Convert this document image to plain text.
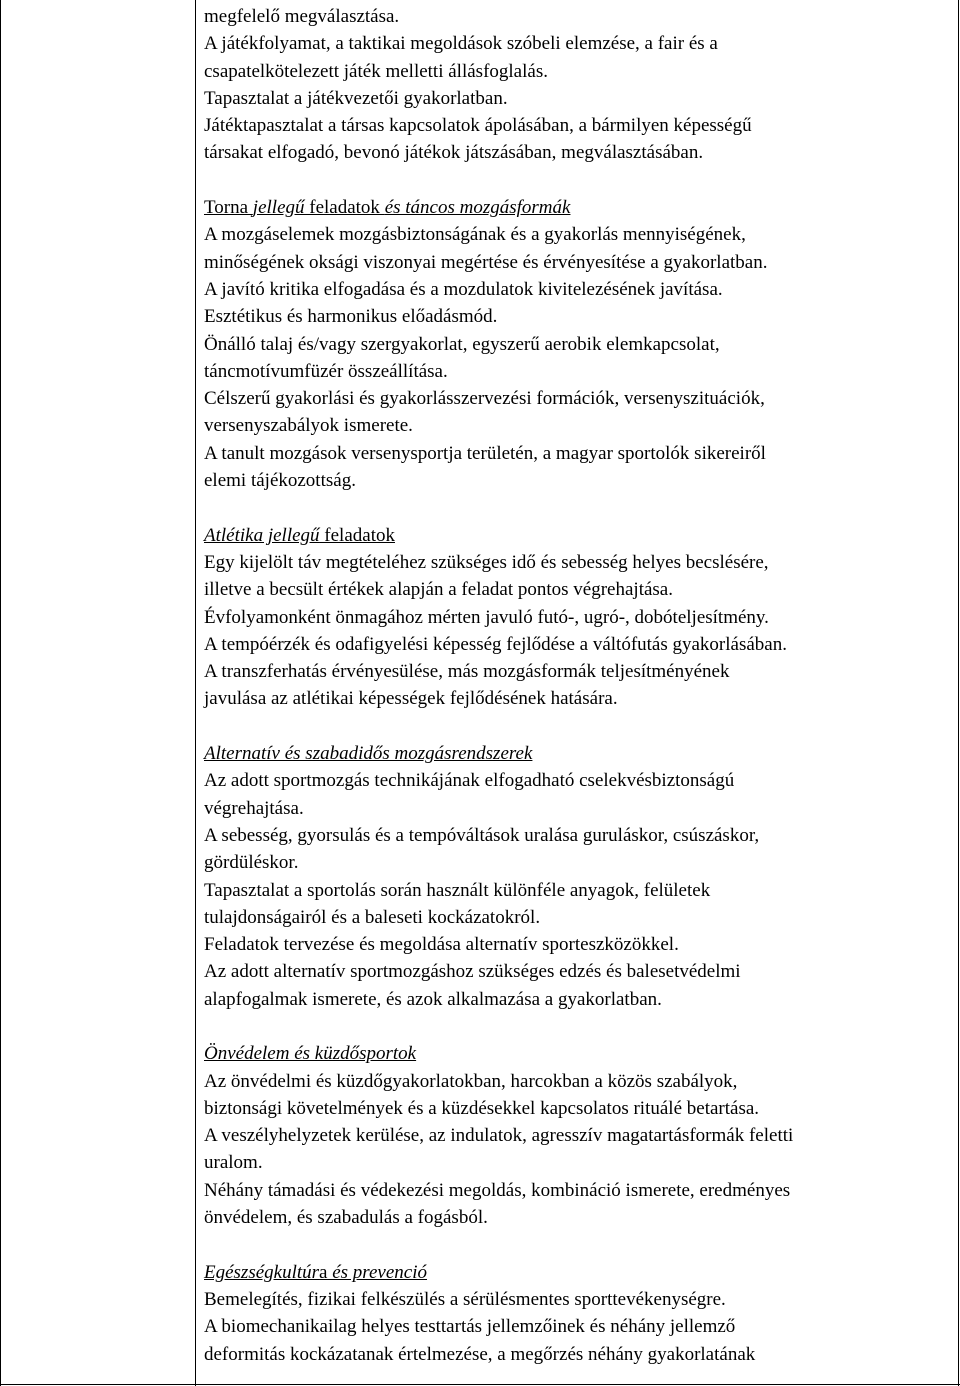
megfelelő megválasztása.
A játékfolyamat, a taktikai megoldások szóbeli elemzése, a fair és a
csapatelkötelezett játék melletti állásfoglalás.
Tapasztalat a játékvezetői gyakorlatban.
Játéktapasztalat a társas kapcsolatok ápolásában, a bármilyen képességű
társakat elfogadó, bevonó játékok játszásában, megválasztásában.
Torna jellegű feladatok és táncos mozgásformák
A mozgáselemek mozgásbiztonságának és a gyakorlás mennyiségének,
minőségének oksági viszonyai megértése és érvényesítése a gyakorlatban.
A javító kritika elfogadása és a mozdulatok kivitelezésének javítása.
Esztétikus és harmonikus előadásmód.
Önálló talaj és/vagy szergyakorlat, egyszerű aerobik elemkapcsolat,
táncmotívumfüzér összeállítása.
Célszerű gyakorlási és gyakorlásszervezési formációk, versenyszituációk,
versenyszabályok ismerete.
A tanult mozgások versenysportja területén, a magyar sportolók sikereiről
elemi tájékozottság.
Atlétika jellegű feladatok
Egy kijelölt táv megtételéhez szükséges idő és sebesség helyes becslésére,
illetve a becsült értékek alapján a feladat pontos végrehajtása.
Évfolyamonként önmagához mérten javuló futó-, ugró-, dobóteljesítmény.
A tempóérzék és odafigyelési képesség fejlődése a váltófutás gyakorlásában.
A transzferhatás érvényesülése, más mozgásformák teljesítményének
javulása az atlétikai képességek fejlődésének hatására.
Alternatív és szabadidős mozgásrendszerek
Az adott sportmozgás technikájának elfogadható cselekvésbiztonságú
végrehajtása.
A sebesség, gyorsulás és a tempóváltások uralása guruláskor, csúszáskor,
gördüléskor.
Tapasztalat a sportolás során használt különféle anyagok, felületek
tulajdonságairól és a baleseti kockázatokról.
Feladatok tervezése és megoldása alternatív sporteszközökkel.
Az adott alternatív sportmozgáshoz szükséges edzés és balesetvédelmi
alapfogalmak ismerete, és azok alkalmazása a gyakorlatban.
Önvédelem és küzdősportok
Az önvédelmi és küzdőgyakorlatokban, harcokban a közös szabályok,
biztonsági követelmények és a küzdésekkel kapcsolatos rituálé betartása.
A veszélyhelyzetek kerülése, az indulatok, agresszív magatartásformák feletti
uralom.
Néhány támadási és védekezési megoldás, kombináció ismerete, eredményes
önvédelem, és szabadulás a fogásból.
Egészségkultúra és prevenció
Bemelegítés, fizikai felkészülés a sérülésmentes sporttevékenységre.
A biomechanikailag helyes testtartás jellemzőinek és néhány jellemző
deformitás kockázatanak értelmezése, a megőrzés néhány gyakorlatának
